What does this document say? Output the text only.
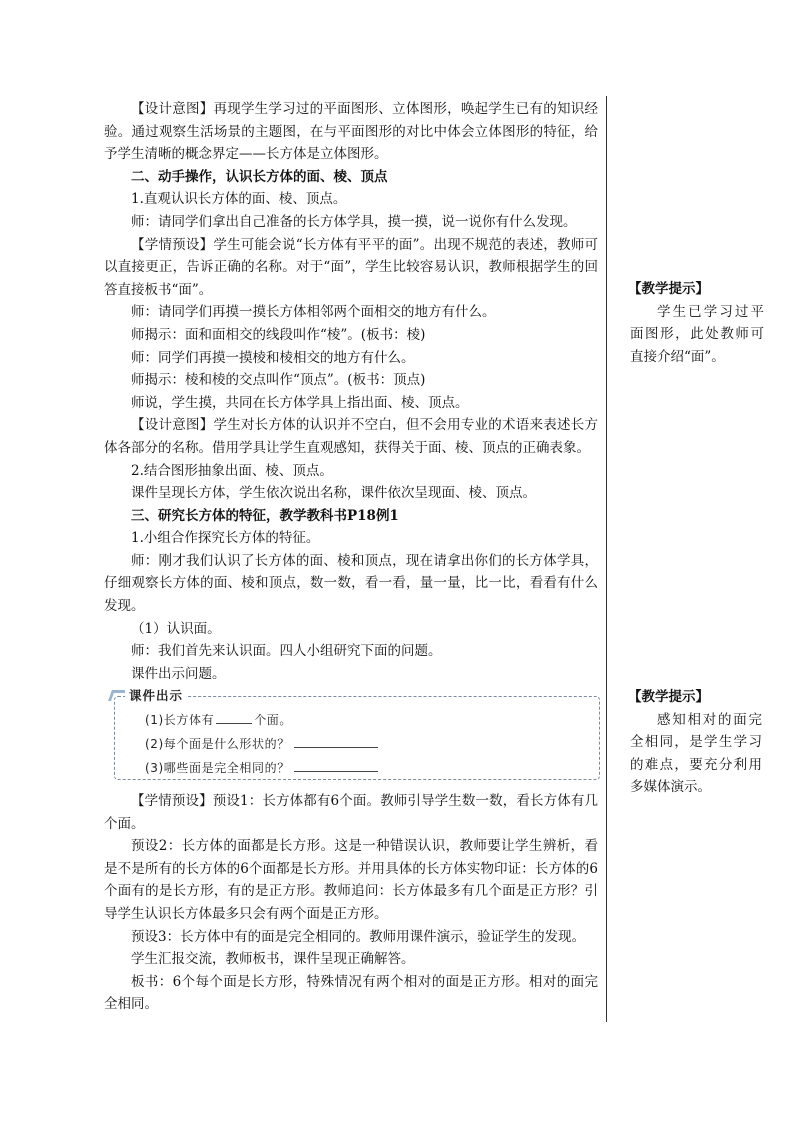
【设计意图】再现学生学习过的平面图形、立体图形，唤起学生已有的知识经验。通过观察生活场景的主题图，在与平面图形的对比中体会立体图形的特征，给予学生清晰的概念界定——长方体是立体图形。

二、动手操作，认识长方体的面、棱、顶点

1.直观认识长方体的面、棱、顶点。

师：请同学们拿出自己准备的长方体学具，摸一摸，说一说你有什么发现。

【学情预设】学生可能会说“长方体有平平的面”。出现不规范的表述，教师可以直接更正，告诉正确的名称。对于“面”，学生比较容易认识，教师根据学生的回答直接板书“面”。

师：请同学们再摸一摸长方体相邻两个面相交的地方有什么。

师揭示：面和面相交的线段叫作“棱”。(板书：棱)

师：同学们再摸一摸棱和棱相交的地方有什么。

师揭示：棱和棱的交点叫作“顶点”。(板书：顶点)

师说，学生摸，共同在长方体学具上指出面、棱、顶点。

【设计意图】学生对长方体的认识并不空白，但不会用专业的术语来表述长方体各部分的名称。借用学具让学生直观感知，获得关于面、棱、顶点的正确表象。

2.结合图形抽象出面、棱、顶点。

课件呈现长方体，学生依次说出名称，课件依次呈现面、棱、顶点。

三、研究长方体的特征，教学教科书P18例1

1.小组合作探究长方体的特征。

师：刚才我们认识了长方体的面、棱和顶点，现在请拿出你们的长方体学具，仔细观察长方体的面、棱和顶点，数一数，看一看，量一量，比一比，看看有什么发现。

（1）认识面。

师：我们首先来认识面。四人小组研究下面的问题。

课件出示问题。

课件出示
(1)长方体有	个面。
(2)每个面是什么形状的？
(3)哪些面是完全相同的？

【学情预设】预设1：长方体都有6个面。教师引导学生数一数，看长方体有几个面。

预设2：长方体的面都是长方形。这是一种错误认识，教师要让学生辨析，看是不是所有的长方体的6个面都是长方形。并用具体的长方体实物印证：长方体的6个面有的是长方形，有的是正方形。教师追问：长方体最多有几个面是正方形？引导学生认识长方体最多只会有两个面是正方形。

预设3：长方体中有的面是完全相同的。教师用课件演示，验证学生的发现。

学生汇报交流，教师板书，课件呈现正确解答。

板书：6个每个面是长方形，特殊情况有两个相对的面是正方形。相对的面完全相同。

【教学提示】

学生已学习过平面图形，此处教师可直接介绍“面”。

【教学提示】

感知相对的面完全相同，是学生学习的难点，要充分利用多媒体演示。
